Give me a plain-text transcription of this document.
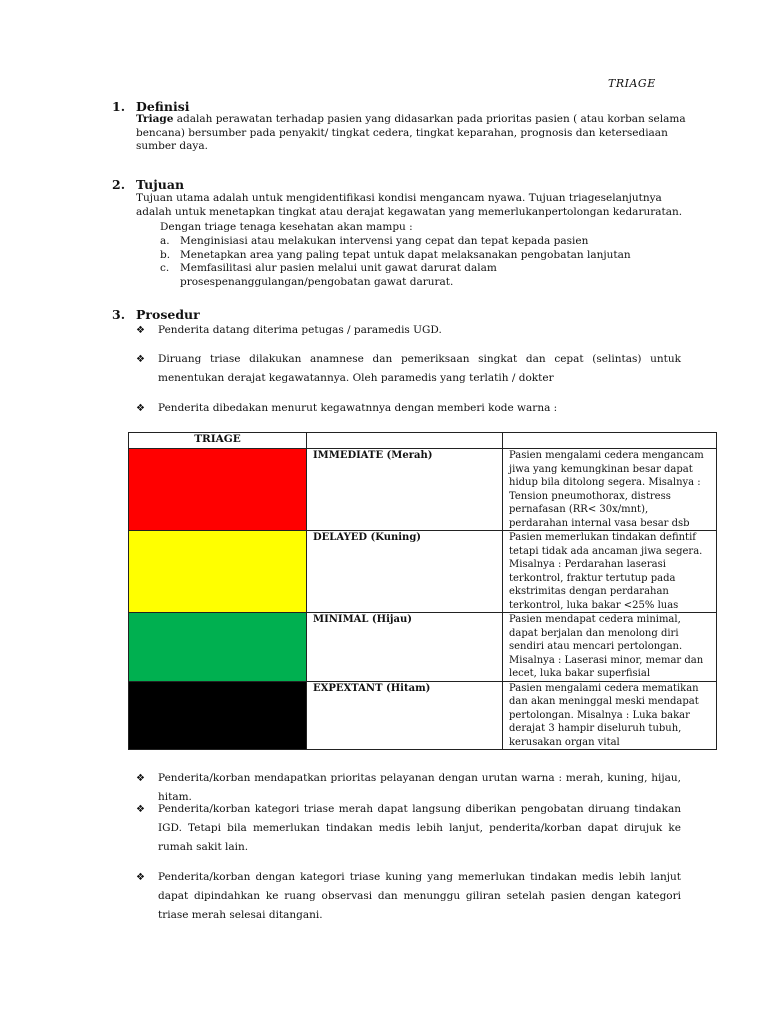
TRIAGE
1. Definisi
Triage adalah perawatan terhadap pasien yang didasarkan pada prioritas pasien ( atau korban selama bencana) bersumber pada penyakit/ tingkat cedera, tingkat keparahan, prognosis dan ketersediaan sumber daya.
2. Tujuan
Tujuan utama adalah untuk mengidentifikasi kondisi mengancam nyawa. Tujuan triageselanjutnya adalah untuk menetapkan tingkat atau derajat kegawatan yang memerlukanpertolongan kedaruratan.
Dengan triage tenaga kesehatan akan mampu :
a. Menginisiasi atau melakukan intervensi yang cepat dan tepat kepada pasien
b. Menetapkan area yang paling tepat untuk dapat melaksanakan pengobatan lanjutan
c.	Memfasilitasi alur pasien melalui unit gawat darurat dalam prosespenanggulangan/pengobatan gawat darurat.
3. Prosedur
❖ Penderita datang diterima petugas / paramedis UGD.
❖ Diruang triase dilakukan anamnese dan pemeriksaan singkat dan cepat (selintas) untuk menentukan derajat kegawatannya. Oleh paramedis yang terlatih / dokter
❖ Penderita dibedakan menurut kegawatnnya dengan memberi kode warna :
TRIAGE		
	IMMEDIATE (Merah)	Pasien mengalami cedera mengancam jiwa yang kemungkinan besar dapat hidup bila ditolong segera. Misalnya : Tension pneumothorax, distress pernafasan (RR< 30x/mnt), perdarahan internal vasa besar dsb
	DELAYED (Kuning)	Pasien memerlukan tindakan defintif tetapi tidak ada ancaman jiwa segera. Misalnya : Perdarahan laserasi terkontrol, fraktur tertutup pada ekstrimitas dengan perdarahan terkontrol, luka bakar <25% luas
	MINIMAL (Hijau)	Pasien mendapat cedera minimal, dapat berjalan dan menolong diri sendiri atau mencari pertolongan. Misalnya : Laserasi minor, memar dan lecet, luka bakar superfisial
	EXPEXTANT (Hitam)	Pasien mengalami cedera mematikan dan akan meninggal meski mendapat pertolongan. Misalnya : Luka bakar derajat 3 hampir diseluruh tubuh, kerusakan organ vital
❖ Penderita/korban mendapatkan prioritas pelayanan dengan urutan warna : merah, kuning, hijau, hitam.
❖ Penderita/korban kategori triase merah dapat langsung diberikan pengobatan diruang tindakan IGD. Tetapi bila memerlukan tindakan medis lebih lanjut, penderita/korban dapat dirujuk ke rumah sakit lain.
❖ Penderita/korban dengan kategori triase kuning yang memerlukan tindakan medis lebih lanjut dapat dipindahkan ke ruang observasi dan menunggu giliran setelah pasien dengan kategori triase merah selesai ditangani.
